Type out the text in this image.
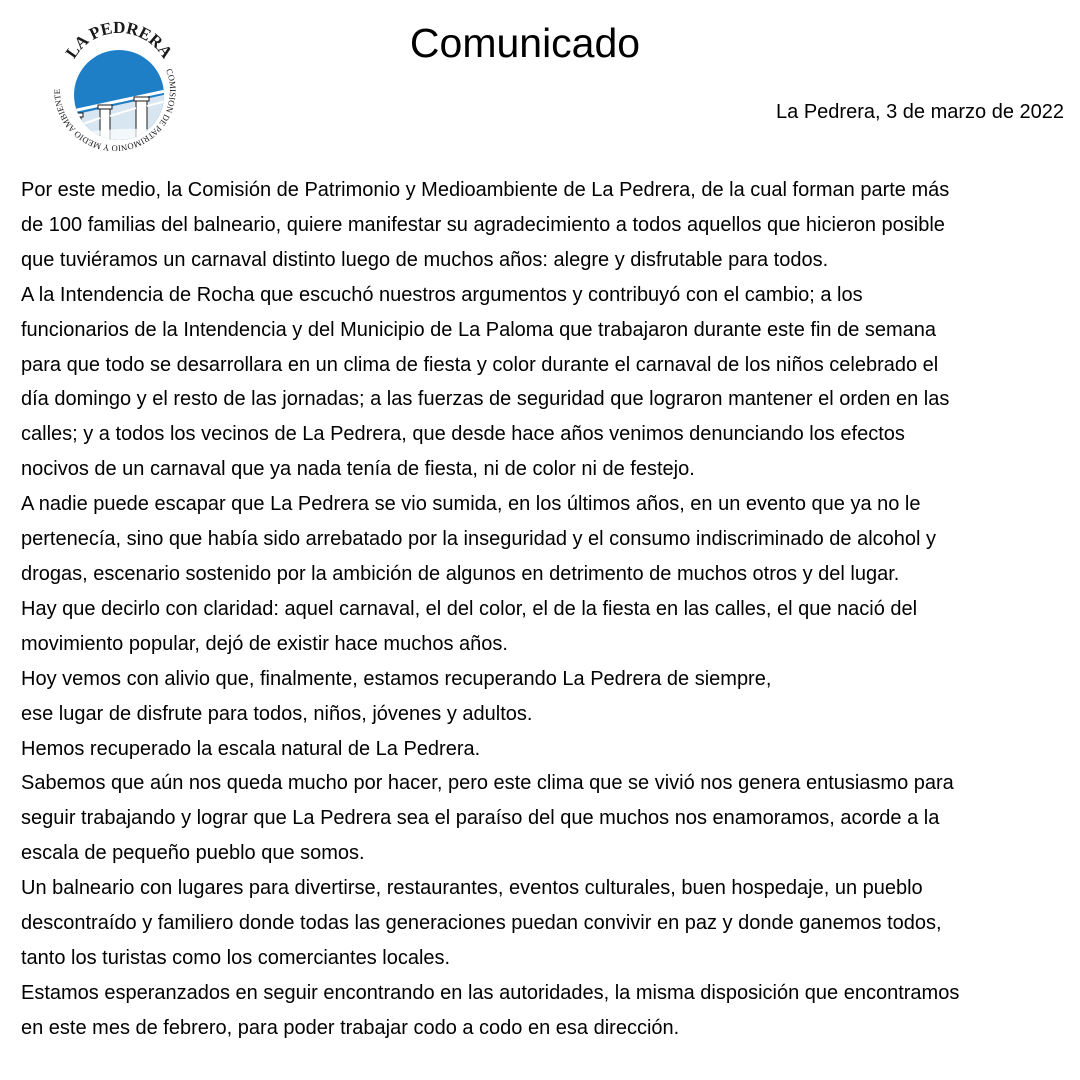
LA PEDRERA
COMISION DE PATRIMONIO Y MEDIO AMBIENTE
Comunicado
La Pedrera, 3 de marzo de 2022

Por este medio, la Comisión de Patrimonio y Medioambiente de La Pedrera, de la cual forman parte más

de 100 familias del balneario, quiere manifestar su agradecimiento a todos aquellos que hicieron posible

que tuviéramos un carnaval distinto luego de muchos años: alegre y disfrutable para todos.

A la Intendencia de Rocha que escuchó nuestros argumentos y contribuyó con el cambio; a los

funcionarios de la Intendencia y del Municipio de La Paloma que trabajaron durante este fin de semana

para que todo se desarrollara en un clima de fiesta y color durante el carnaval de los niños celebrado el

día domingo y el resto de las jornadas; a las fuerzas de seguridad que lograron mantener el orden en las

calles; y a todos los vecinos de La Pedrera, que desde hace años venimos denunciando los efectos

nocivos de un carnaval que ya nada tenía de fiesta, ni de color ni de festejo.

A nadie puede escapar que La Pedrera se vio sumida, en los últimos años, en un evento que ya no le

pertenecía, sino que había sido arrebatado por la inseguridad y el consumo indiscriminado de alcohol y

drogas, escenario sostenido por la ambición de algunos en detrimento de muchos otros y del lugar.

Hay que decirlo con claridad: aquel carnaval, el del color, el de la fiesta en las calles, el que nació del

movimiento popular, dejó de existir hace muchos años.

Hoy vemos con alivio que, finalmente, estamos recuperando La Pedrera de siempre,

ese lugar de disfrute para todos, niños, jóvenes y adultos.

Hemos recuperado la escala natural de La Pedrera.

Sabemos que aún nos queda mucho por hacer, pero este clima que se vivió nos genera entusiasmo para

seguir trabajando y lograr que La Pedrera sea el paraíso del que muchos nos enamoramos, acorde a la

escala de pequeño pueblo que somos.

Un balneario con lugares para divertirse, restaurantes, eventos culturales, buen hospedaje, un pueblo

descontraído y familiero donde todas las generaciones puedan convivir en paz y donde ganemos todos,

tanto los turistas como los comerciantes locales.

Estamos esperanzados en seguir encontrando en las autoridades, la misma disposición que encontramos

en este mes de febrero, para poder trabajar codo a codo en esa dirección.
